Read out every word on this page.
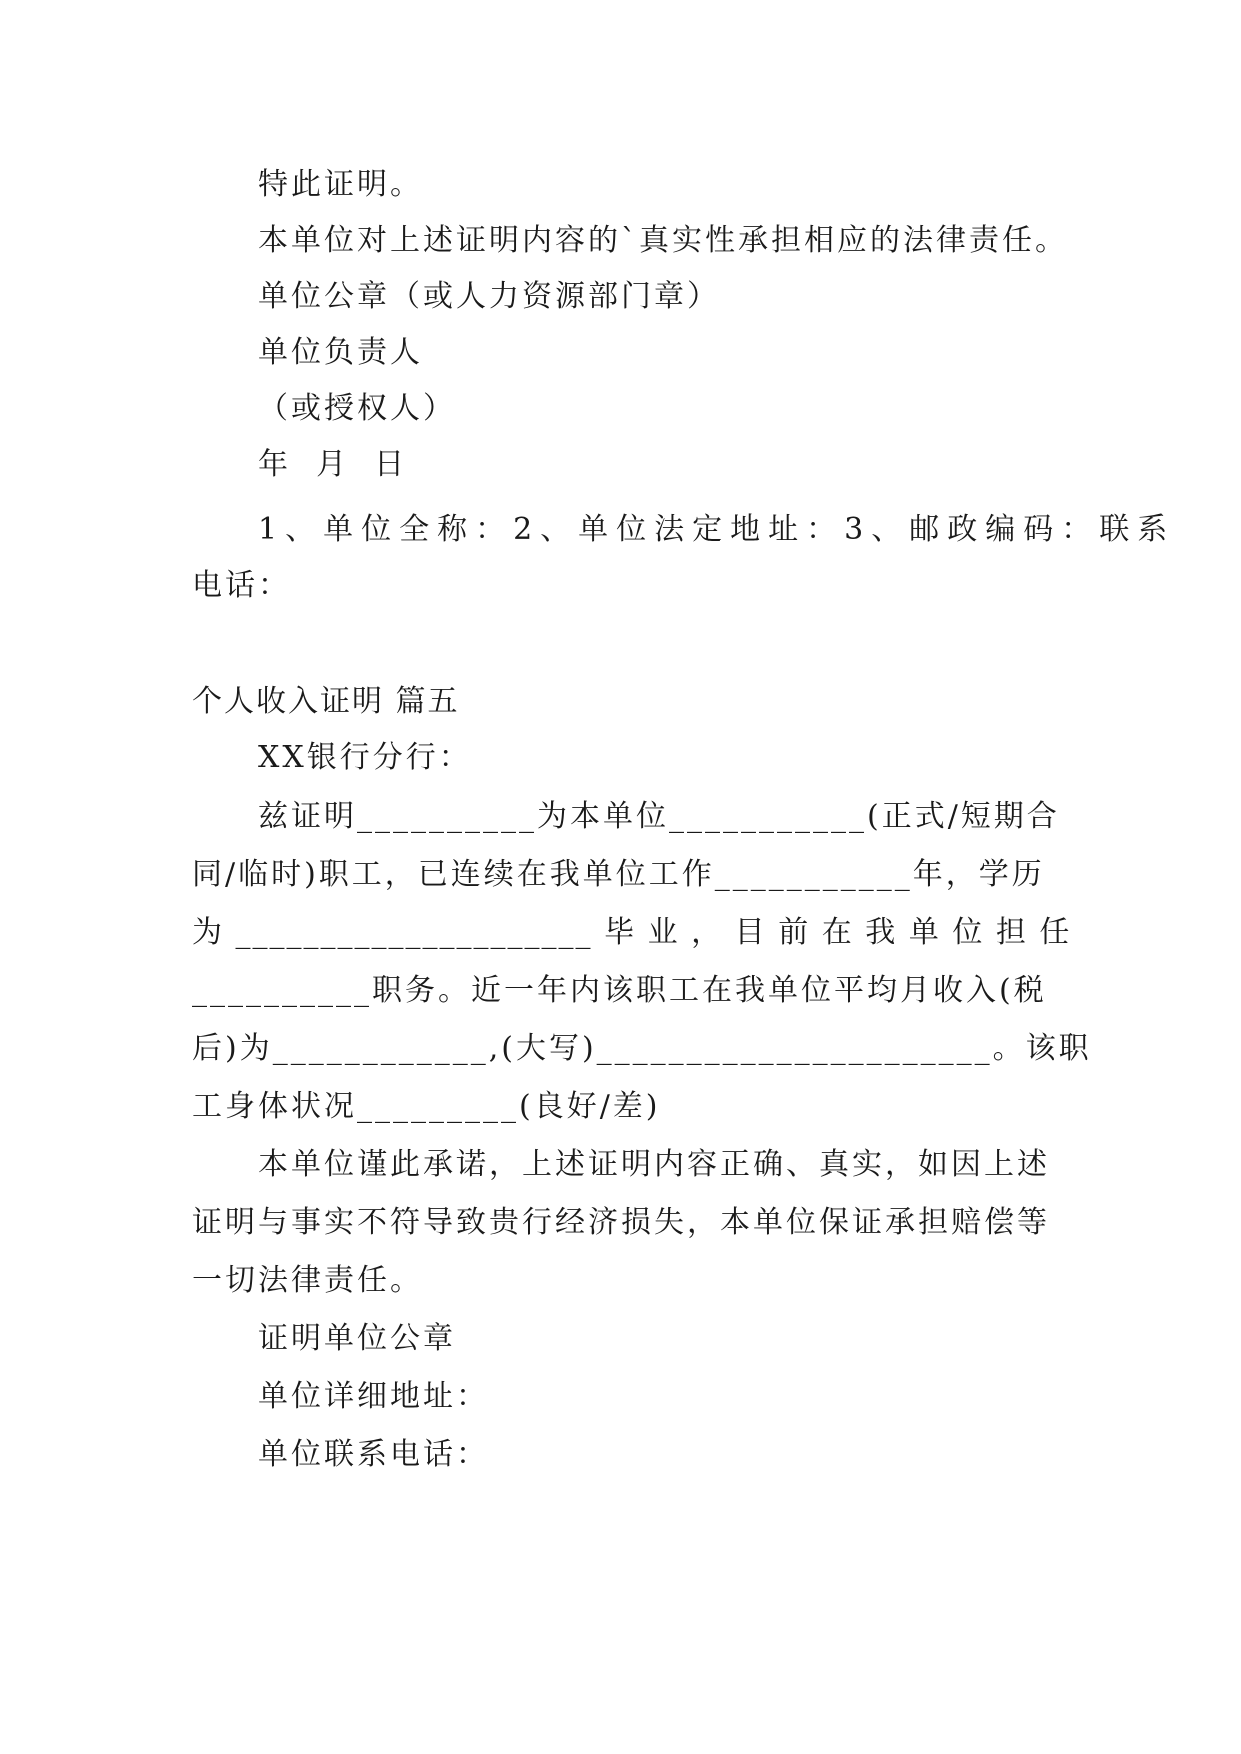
特此证明。
本单位对上述证明内容的`真实性承担相应的法律责任。
单位公章（或人力资源部门章）
单位负责人
（或授权人）
年  月  日
1、单位全称：2、单位法定地址：3、邮政编码：联系
电话：
个人收入证明 篇五
XX银行分行：
兹证明__________为本单位___________(正式/短期合
同/临时)职工，已连续在我单位工作___________年，学历
为 _____________________ 毕 业 ， 目 前 在 我 单 位 担 任
__________职务。近一年内该职工在我单位平均月收入(税
后)为____________,(大写)______________________。该职
工身体状况_________(良好/差)
本单位谨此承诺，上述证明内容正确、真实，如因上述
证明与事实不符导致贵行经济损失，本单位保证承担赔偿等
一切法律责任。
证明单位公章
单位详细地址：
单位联系电话：
